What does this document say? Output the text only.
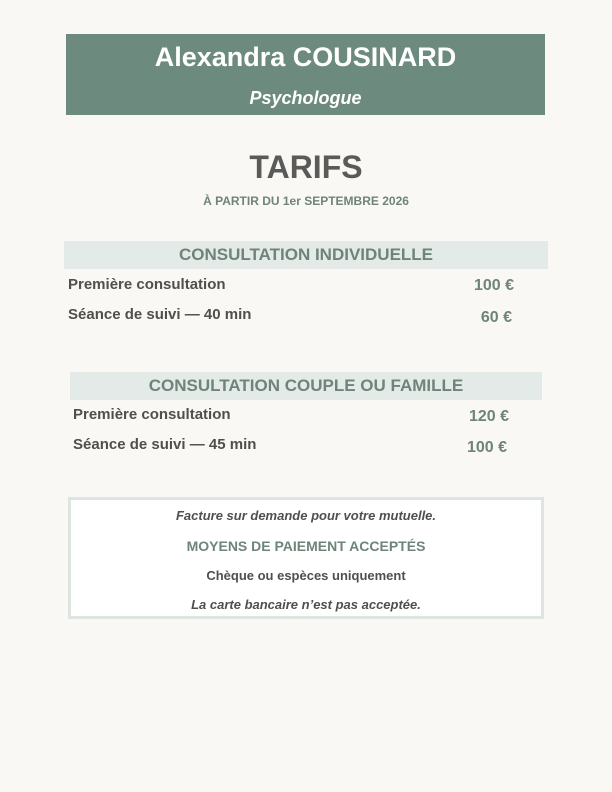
Alexandra COUSINARD
Psychologue
TARIFS
À PARTIR DU 1er SEPTEMBRE 2026
CONSULTATION INDIVIDUELLE
Première consultation	100 €
Séance de suivi — 40 min	60 €
CONSULTATION COUPLE OU FAMILLE
Première consultation	120 €
Séance de suivi — 45 min	100 €
Facture sur demande pour votre mutuelle.
MOYENS DE PAIEMENT ACCEPTÉS
Chèque ou espèces uniquement
La carte bancaire n’est pas acceptée.
